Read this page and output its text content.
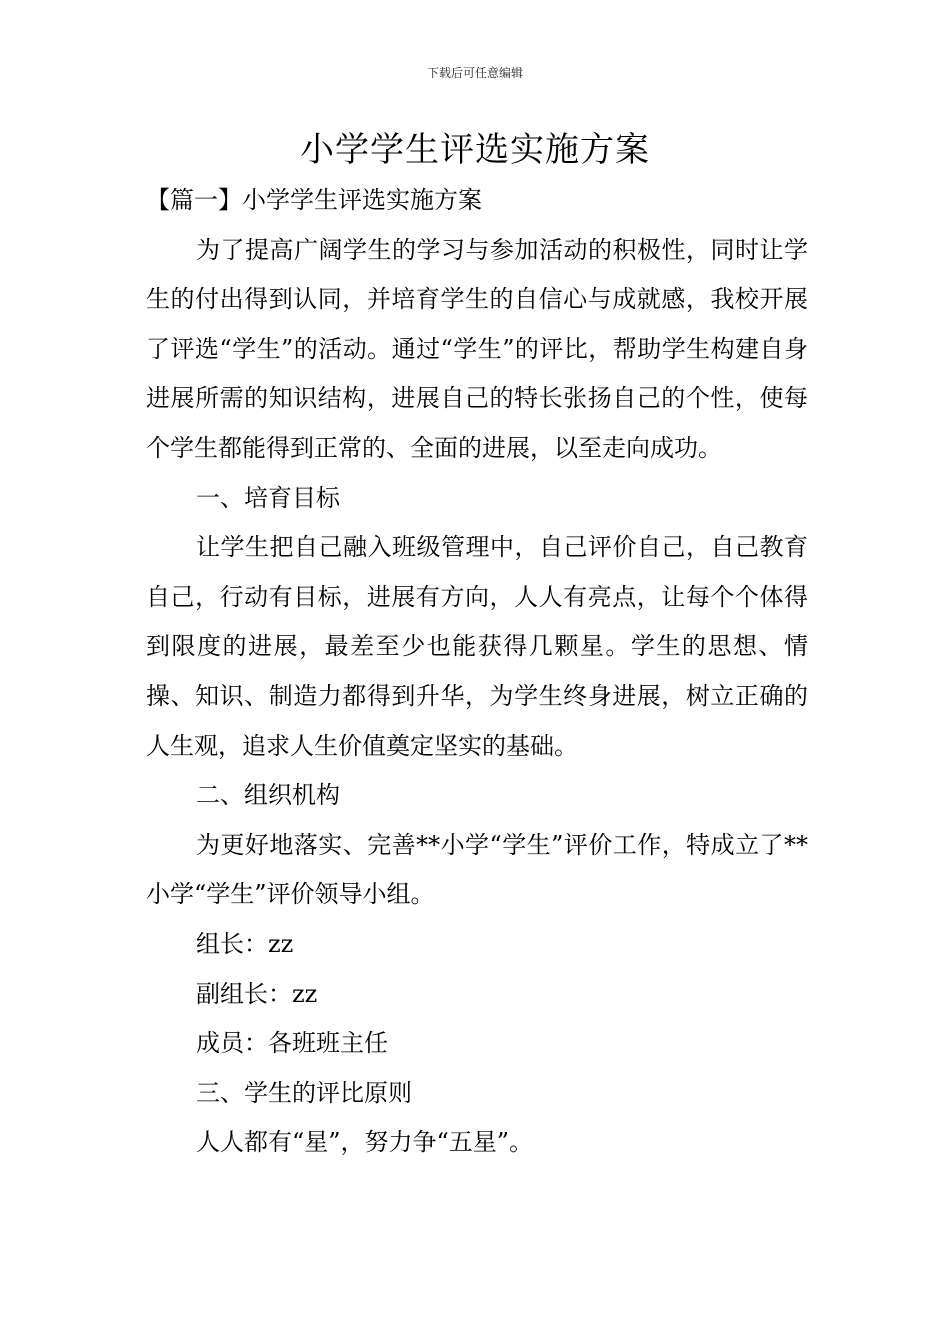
下载后可任意编辑
小学学生评选实施方案

【篇一】小学学生评选实施方案

为了提高广阔学生的学习与参加活动的积极性，同时让学生的付出得到认同，并培育学生的自信心与成就感，我校开展了评选“学生”的活动。通过“学生”的评比，帮助学生构建自身进展所需的知识结构，进展自己的特长张扬自己的个性，使每个学生都能得到正常的、全面的进展，以至走向成功。

一、培育目标

让学生把自己融入班级管理中，自己评价自己，自己教育自己，行动有目标，进展有方向，人人有亮点，让每个个体得到限度的进展，最差至少也能获得几颗星。学生的思想、情操、知识、制造力都得到升华，为学生终身进展，树立正确的人生观，追求人生价值奠定坚实的基础。

二、组织机构

为更好地落实、完善**小学“学生”评价工作，特成立了**小学“学生”评价领导小组。

组长：zz

副组长：zz

成员：各班班主任

三、学生的评比原则

人人都有“星”，努力争“五星”。
